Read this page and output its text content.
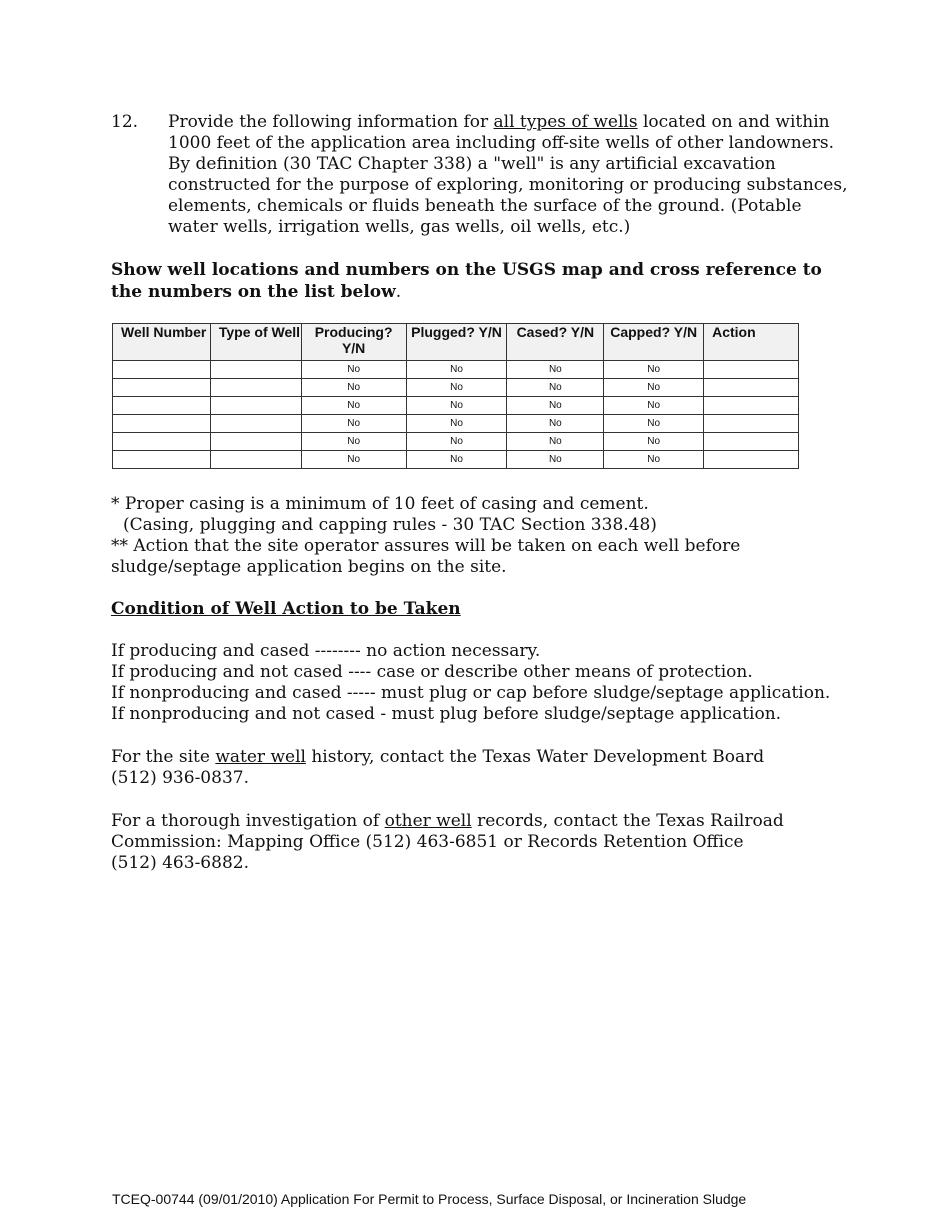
12. Provide the following information for all types of wells located on and within 1000 feet of the application area including off-site wells of other landowners. By definition (30 TAC Chapter 338) a "well" is any artificial excavation constructed for the purpose of exploring, monitoring or producing substances, elements, chemicals or fluids beneath the surface of the ground. (Potable water wells, irrigation wells, gas wells, oil wells, etc.)
Show well locations and numbers on the USGS map and cross reference to the numbers on the list below.
Well Number	Type of Well	Producing? Y/N	Plugged? Y/N	Cased? Y/N	Capped? Y/N	Action
		No	No	No	No	
		No	No	No	No	
		No	No	No	No	
		No	No	No	No	
		No	No	No	No	
		No	No	No	No	

* Proper casing is a minimum of 10 feet of casing and cement.

(Casing, plugging and capping rules - 30 TAC Section 338.48)

** Action that the site operator assures will be taken on each well before sludge/septage application begins on the site.

Condition of Well Action to be Taken

If producing and cased -------- no action necessary.

If producing and not cased ---- case or describe other means of protection.

If nonproducing and cased ----- must plug or cap before sludge/septage application.

If nonproducing and not cased - must plug before sludge/septage application.

For the site water well history, contact the Texas Water Development Board

(512) 936-0837.

For a thorough investigation of other well records, contact the Texas Railroad

Commission: Mapping Office (512) 463-6851 or Records Retention Office

(512) 463-6882.

TCEQ-00744 (09/01/2010) Application For Permit to Process, Surface Disposal, or Incineration Sludge
